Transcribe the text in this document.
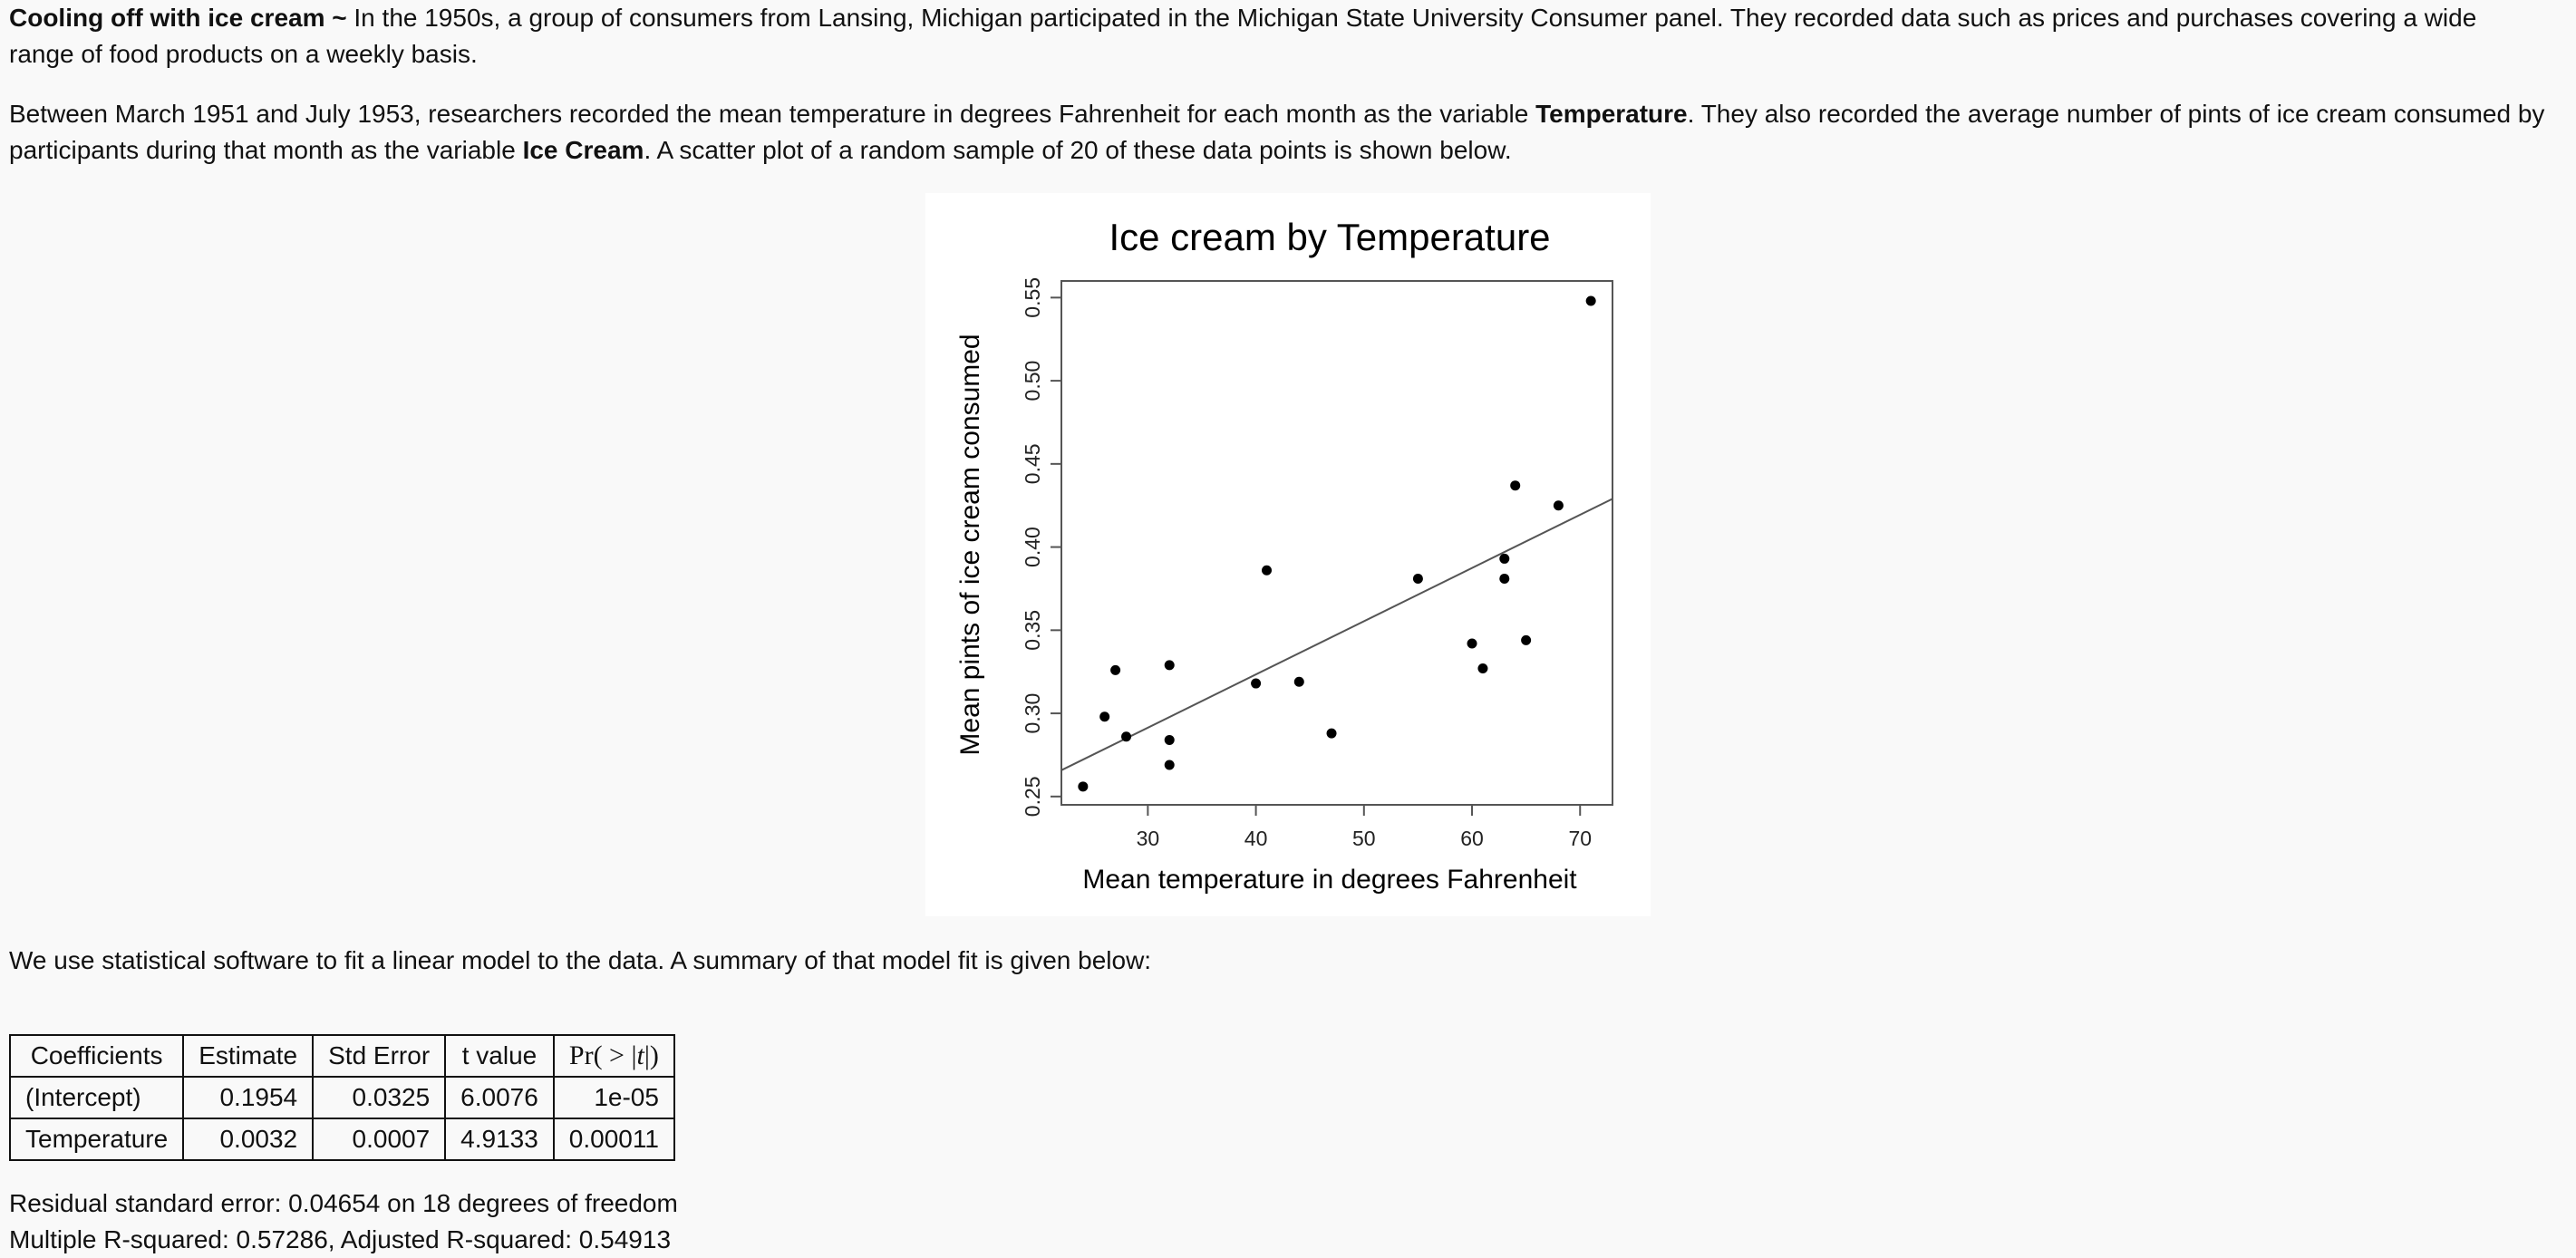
Cooling off with ice cream ~ In the 1950s, a group of consumers from Lansing, Michigan participated in the Michigan State University Consumer panel. They recorded data such as prices and purchases covering a wide range of food products on a weekly basis.

Between March 1951 and July 1953, researchers recorded the mean temperature in degrees Fahrenheit for each month as the variable Temperature. They also recorded the average number of pints of ice cream consumed by participants during that month as the variable Ice Cream. A scatter plot of a random sample of 20 of these data points is shown below.

Ice cream by Temperature
Mean temperature in degrees Fahrenheit
Mean pints of ice cream consumed
30	40	50	60	70
0.25
0.30
0.35
0.40
0.45
0.50
0.55

We use statistical software to fit a linear model to the data. A summary of that model fit is given below:

Coefficients	Estimate	Std Error	t value	Pr( > |t|)
(Intercept)	0.1954	0.0325	6.0076	1e-05
Temperature	0.0032	0.0007	4.9133	0.00011

Residual standard error: 0.04654 on 18 degrees of freedom

Multiple R-squared: 0.57286, Adjusted R-squared: 0.54913
